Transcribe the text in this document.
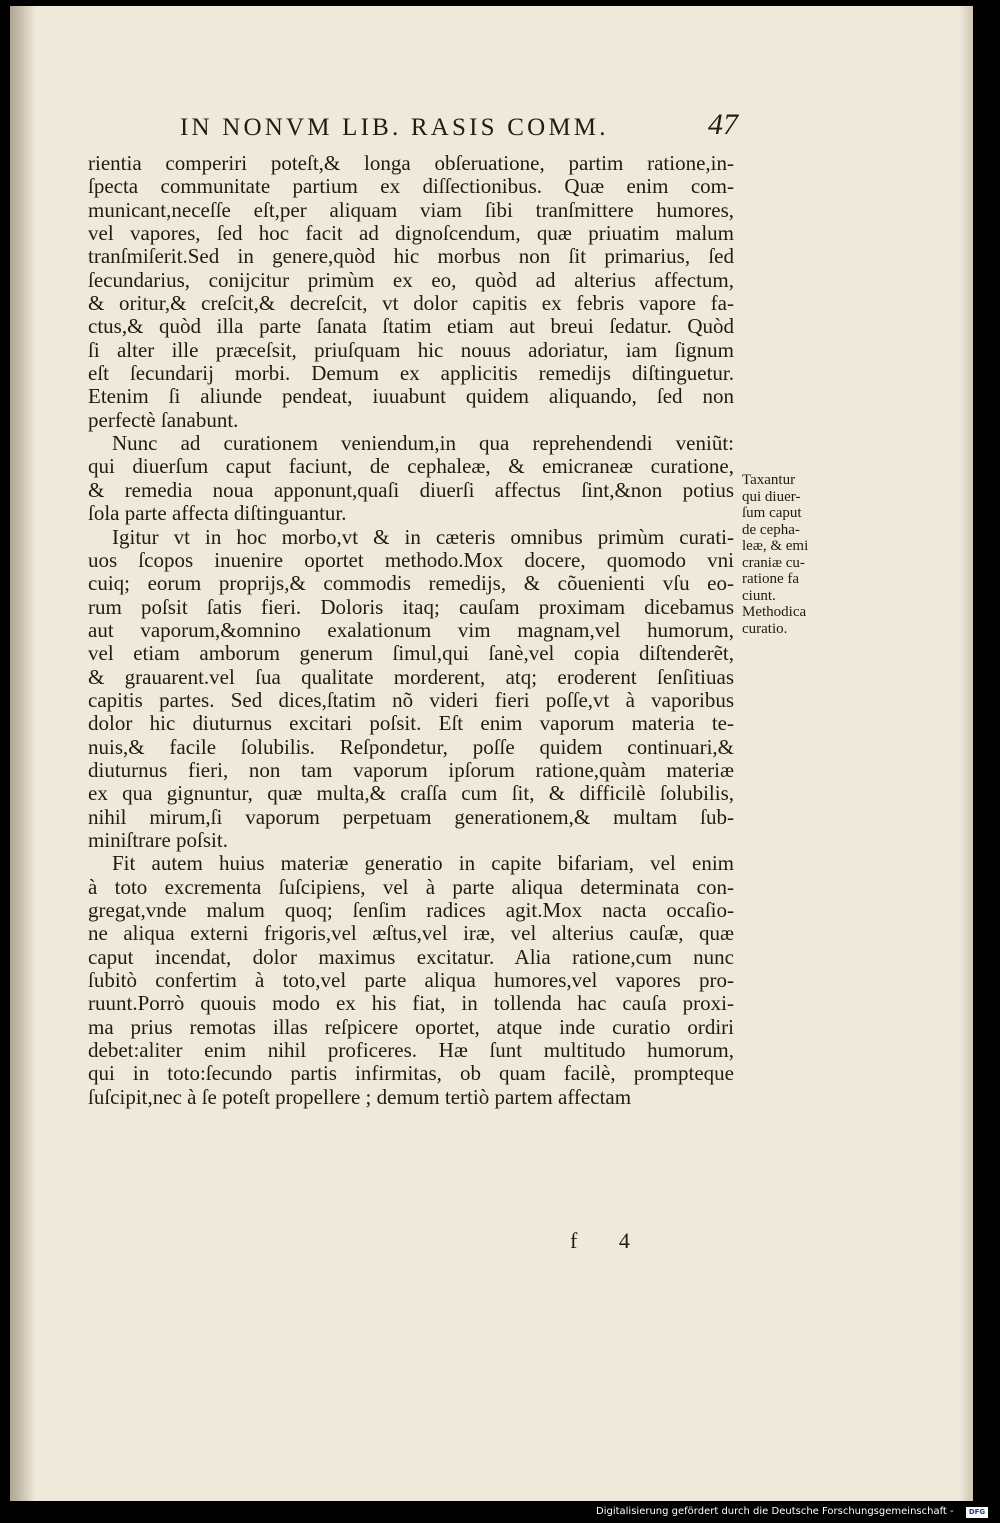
IN NONVM LIB. RASIS COMM.	47
rientia comperiri poteſt,& longa obſeruatione, partim ratione,in-
ſpecta communitate partium ex diſſectionibus. Quæ enim com-
municant,neceſſe eſt,per aliquam viam ſibi tranſmittere humores,
vel vapores, ſed hoc facit ad dignoſcendum, quæ priuatim malum
tranſmiſerit.Sed in genere,quòd hic morbus non ſit primarius, ſed
ſecundarius, conijcitur primùm ex eo, quòd ad alterius affectum,
& oritur,& creſcit,& decreſcit, vt dolor capitis ex febris vapore fa-
ctus,& quòd illa parte ſanata ſtatim etiam aut breui ſedatur. Quòd
ſi alter ille præceſsit, priuſquam hic nouus adoriatur, iam ſignum
eſt ſecundarij morbi. Demum ex applicitis remedijs diſtinguetur.
Etenim ſi aliunde pendeat, iuuabunt quidem aliquando, ſed non
perfectè ſanabunt.
Nunc ad curationem veniendum,in qua reprehendendi veniũt:
qui diuerſum caput faciunt, de cephaleæ, & emicraneæ curatione,
& remedia noua apponunt,quaſi diuerſi affectus ſint,&non potius
ſola parte affecta diſtinguantur.
Igitur vt in hoc morbo,vt & in cæteris omnibus primùm curati-
uos ſcopos inuenire oportet methodo.Mox docere, quomodo vni
cuiq; eorum proprijs,& commodis remedijs, & cõuenienti vſu eo-
rum poſsit ſatis fieri. Doloris itaq; cauſam proximam dicebamus
aut vaporum,&omnino exalationum vim magnam,vel humorum,
vel etiam amborum generum ſimul,qui ſanè,vel copia diſtenderẽt,
& grauarent.vel ſua qualitate morderent, atq; eroderent ſenſitiuas
capitis partes. Sed dices,ſtatim nõ videri fieri poſſe,vt à vaporibus
dolor hic diuturnus excitari poſsit. Eſt enim vaporum materia te-
nuis,& facile ſolubilis. Reſpondetur, poſſe quidem continuari,&
diuturnus fieri, non tam vaporum ipſorum ratione,quàm materiæ
ex qua gignuntur, quæ multa,& craſſa cum ſit, & difficilè ſolubilis,
nihil mirum,ſi vaporum perpetuam generationem,& multam ſub-
miniſtrare poſsit.
Fit autem huius materiæ generatio in capite bifariam, vel enim
à toto excrementa ſuſcipiens, vel à parte aliqua determinata con-
gregat,vnde malum quoq; ſenſim radices agit.Mox nacta occaſio-
ne aliqua externi frigoris,vel æſtus,vel iræ, vel alterius cauſæ, quæ
caput incendat, dolor maximus excitatur. Alia ratione,cum nunc
ſubitò confertim à toto,vel parte aliqua humores,vel vapores pro-
ruunt.Porrò quouis modo ex his fiat, in tollenda hac cauſa proxi-
ma prius remotas illas reſpicere oportet, atque inde curatio ordiri
debet:aliter enim nihil proficeres. Hæ ſunt multitudo humorum,
qui in toto:ſecundo partis infirmitas, ob quam facilè, prompteque
ſuſcipit,nec à ſe poteſt propellere ; demum tertiò partem affectam
Taxantur
qui diuer-
ſum caput
de cepha-
leæ, & emi
craniæ cu-
ratione fa
ciunt.
Methodica
curatio.
f 4
Digitalisierung gefördert durch die Deutsche Forschungsgemeinschaft -	DFG
